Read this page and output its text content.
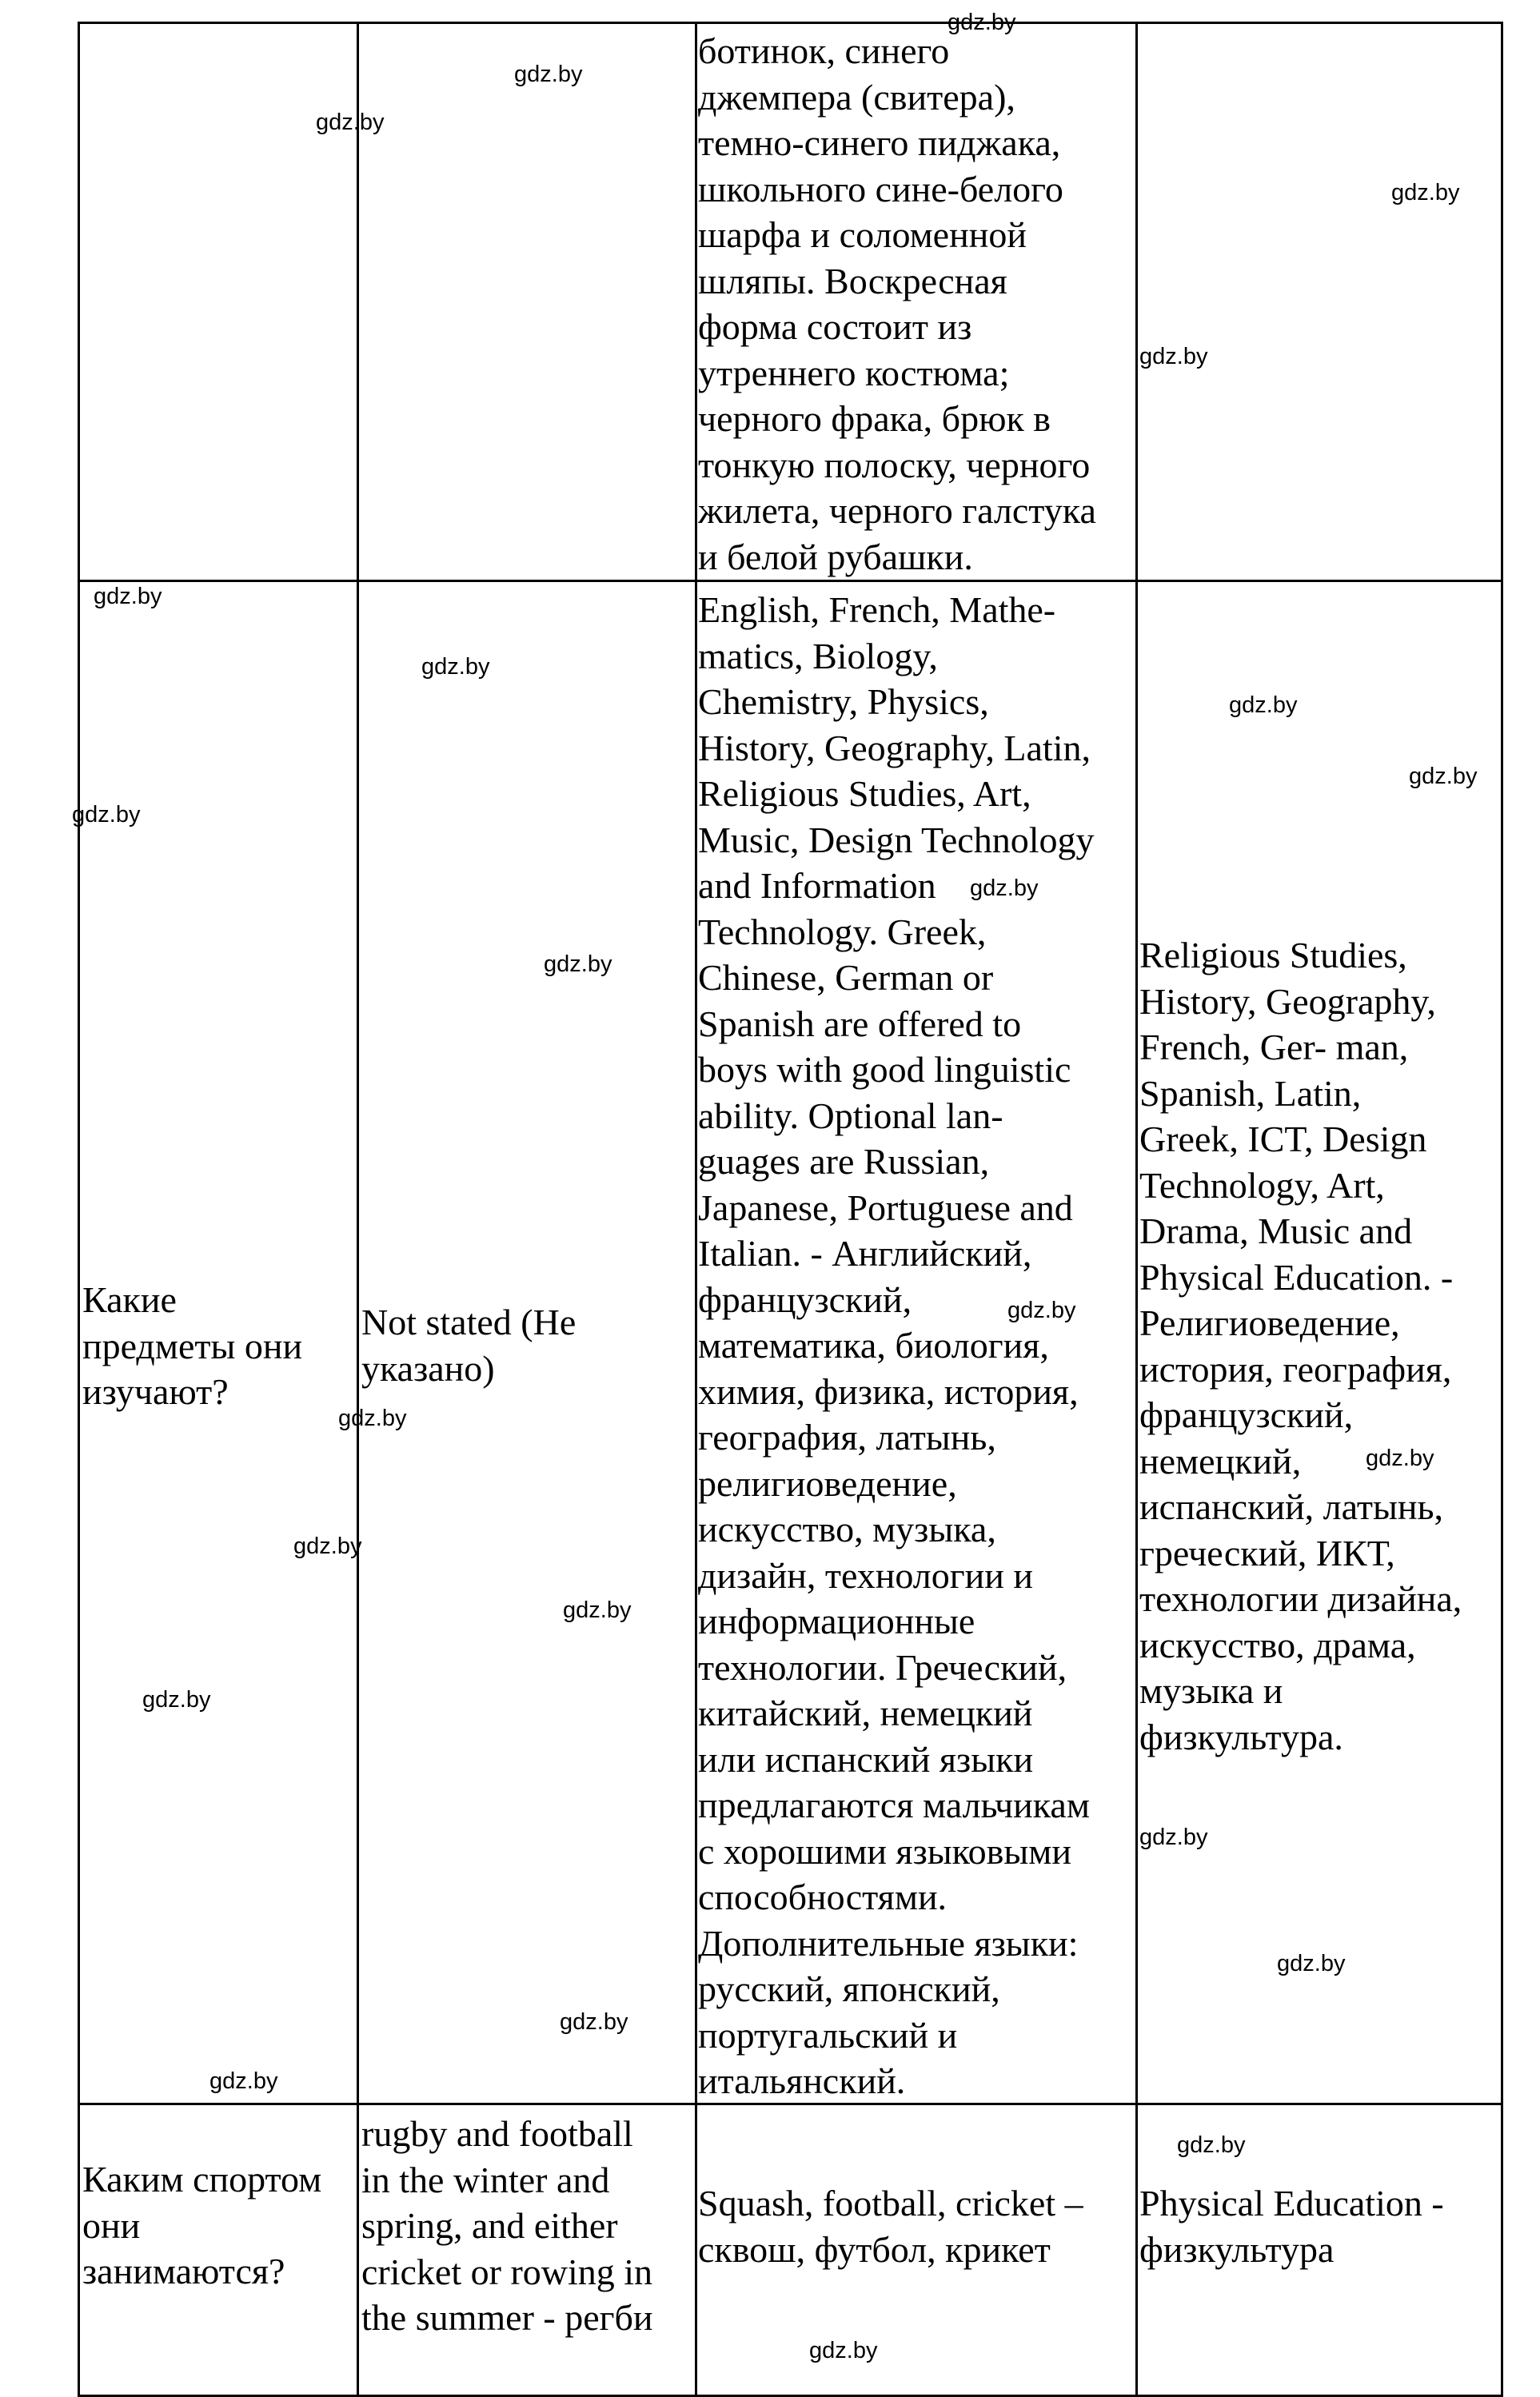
ботинок, синего
джемпера (свитера),
темно-синего пиджака,
школьного сине-белого
шарфа и соломенной
шляпы. Воскресная
форма состоит из
утреннего костюма;
черного фрака, брюк в
тонкую полоску, черного
жилета, черного галстука
и белой рубашки.
Какие
предметы они
изучают?
Not stated (Не
указано)
English, French, Mathe-
matics, Biology,
Chemistry, Physics,
History, Geography, Latin,
Religious Studies, Art,
Music, Design Technology
and Information
Technology. Greek,
Chinese, German or
Spanish are offered to
boys with good linguistic
ability. Optional lan-
guages are Russian,
Japanese, Portuguese and
Italian. - Английский,
французский,
математика, биология,
химия, физика, история,
география, латынь,
религиоведение,
искусство, музыка,
дизайн, технологии и
информационные
технологии. Греческий,
китайский, немецкий
или испанский языки
предлагаются мальчикам
с хорошими языковыми
способностями.
Дополнительные языки:
русский, японский,
португальский и
итальянский.
Religious Studies,
History, Geography,
French, Ger- man,
Spanish, Latin,
Greek, ICT, Design
Technology, Art,
Drama, Music and
Physical Education. -
Религиоведение,
история, география,
французский,
немецкий,
испанский, латынь,
греческий, ИКТ,
технологии дизайна,
искусство, драма,
музыка и
физкультура.
Каким спортом
они
занимаются?
rugby and football
in the winter and
spring, and either
cricket or rowing in
the summer - регби
Squash, football, cricket –
сквош, футбол, крикет
Physical Education -
физкультура
gdz.by
gdz.by
gdz.by
gdz.by
gdz.by
gdz.by
gdz.by
gdz.by
gdz.by
gdz.by
gdz.by
gdz.by
gdz.by
gdz.by
gdz.by
gdz.by
gdz.by
gdz.by
gdz.by
gdz.by
gdz.by
gdz.by
gdz.by
gdz.by
